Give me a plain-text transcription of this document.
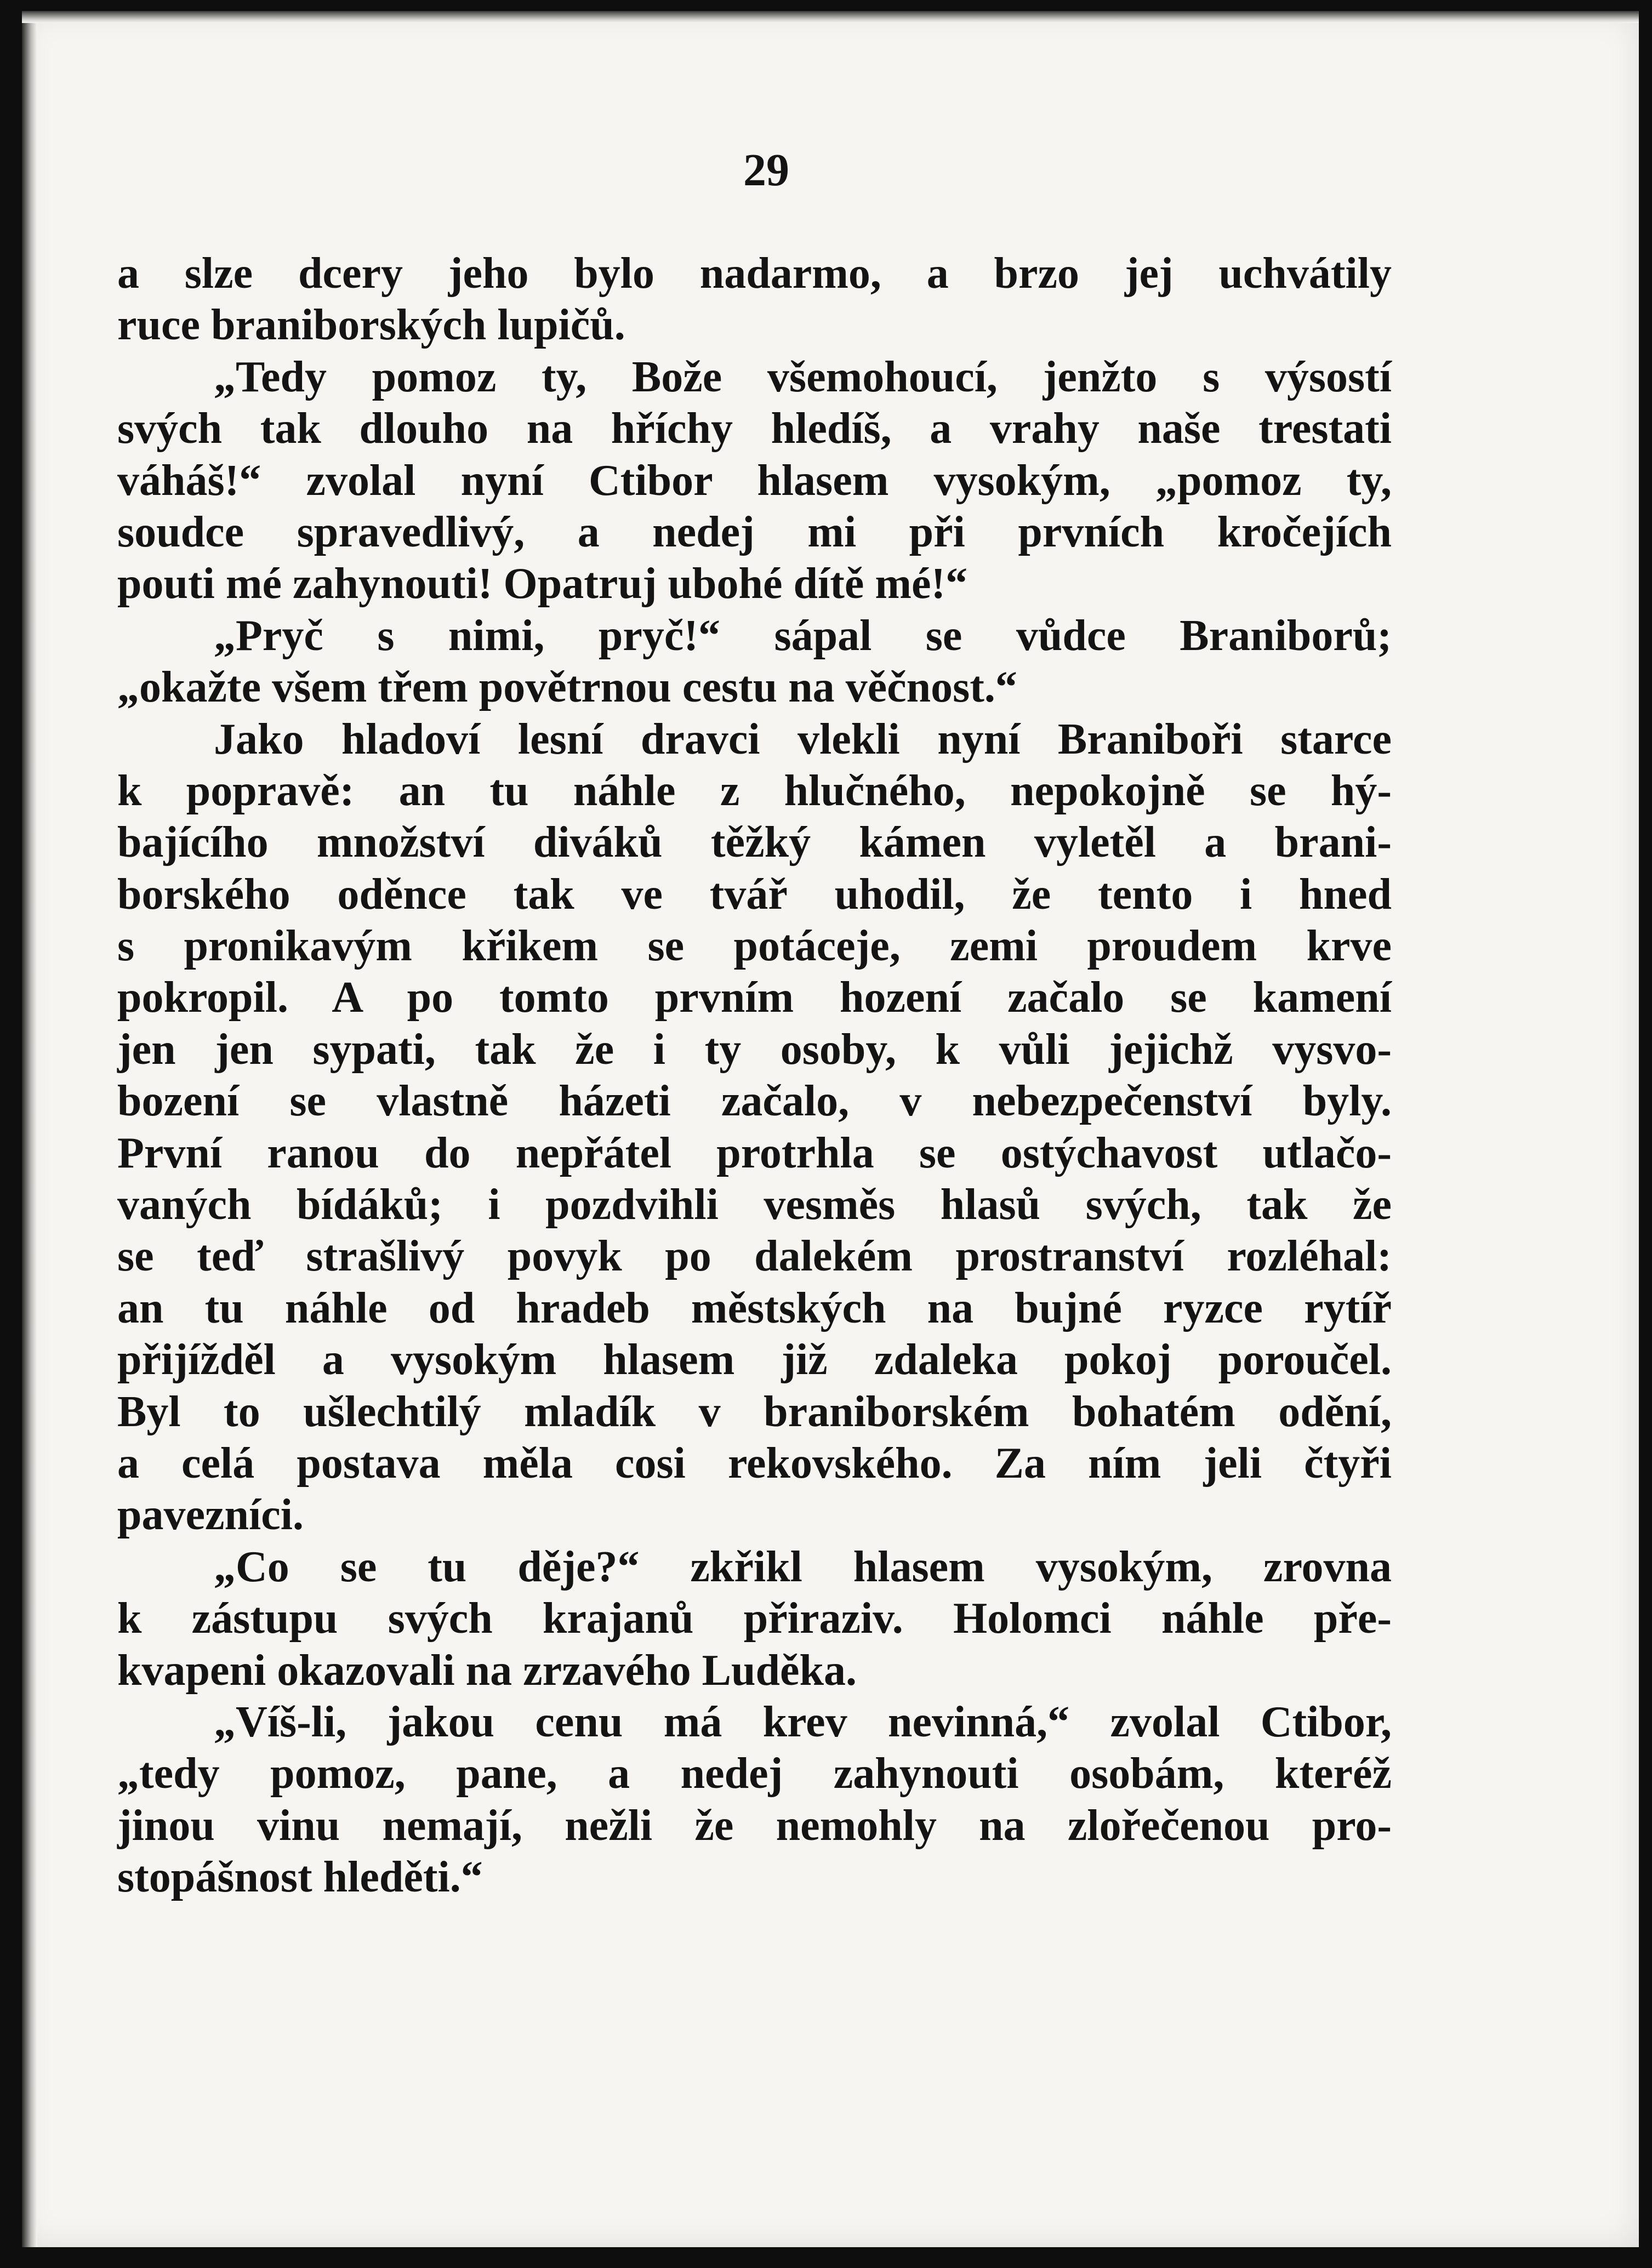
29
a slze dcery jeho bylo nadarmo, a brzo jej uchvátily
ruce braniborských lupičů.
„Tedy pomoz ty, Bože všemohoucí, jenžto s výsostí
svých tak dlouho na hříchy hledíš, a vrahy naše trestati
váháš!“ zvolal nyní Ctibor hlasem vysokým, „pomoz ty,
soudce spravedlivý, a nedej mi při prvních kročejích
pouti mé zahynouti! Opatruj ubohé dítě mé!“
„Pryč s nimi, pryč!“ sápal se vůdce Braniborů;
„okažte všem třem povětrnou cestu na věčnost.“
Jako hladoví lesní dravci vlekli nyní Braniboři starce
k popravě: an tu náhle z hlučného, nepokojně se hý-
bajícího množství diváků těžký kámen vyletěl a brani-
borského oděnce tak ve tvář uhodil, že tento i hned
s pronikavým křikem se potáceje, zemi proudem krve
pokropil. A po tomto prvním hození začalo se kamení
jen jen sypati, tak že i ty osoby, k vůli jejichž vysvo-
bození se vlastně házeti začalo, v nebezpečenství byly.
První ranou do nepřátel protrhla se ostýchavost utlačo-
vaných bídáků; i pozdvihli vesměs hlasů svých, tak že
se teď strašlivý povyk po dalekém prostranství rozléhal:
an tu náhle od hradeb městských na bujné ryzce rytíř
přijížděl a vysokým hlasem již zdaleka pokoj poroučel.
Byl to ušlechtilý mladík v braniborském bohatém odění,
a celá postava měla cosi rekovského. Za ním jeli čtyři
pavezníci.
„Co se tu děje?“ zkřikl hlasem vysokým, zrovna
k zástupu svých krajanů přiraziv. Holomci náhle pře-
kvapeni okazovali na zrzavého Luděka.
„Víš-li, jakou cenu má krev nevinná,“ zvolal Ctibor,
„tedy pomoz, pane, a nedej zahynouti osobám, kteréž
jinou vinu nemají, nežli že nemohly na zlořečenou pro-
stopášnost hleděti.“
